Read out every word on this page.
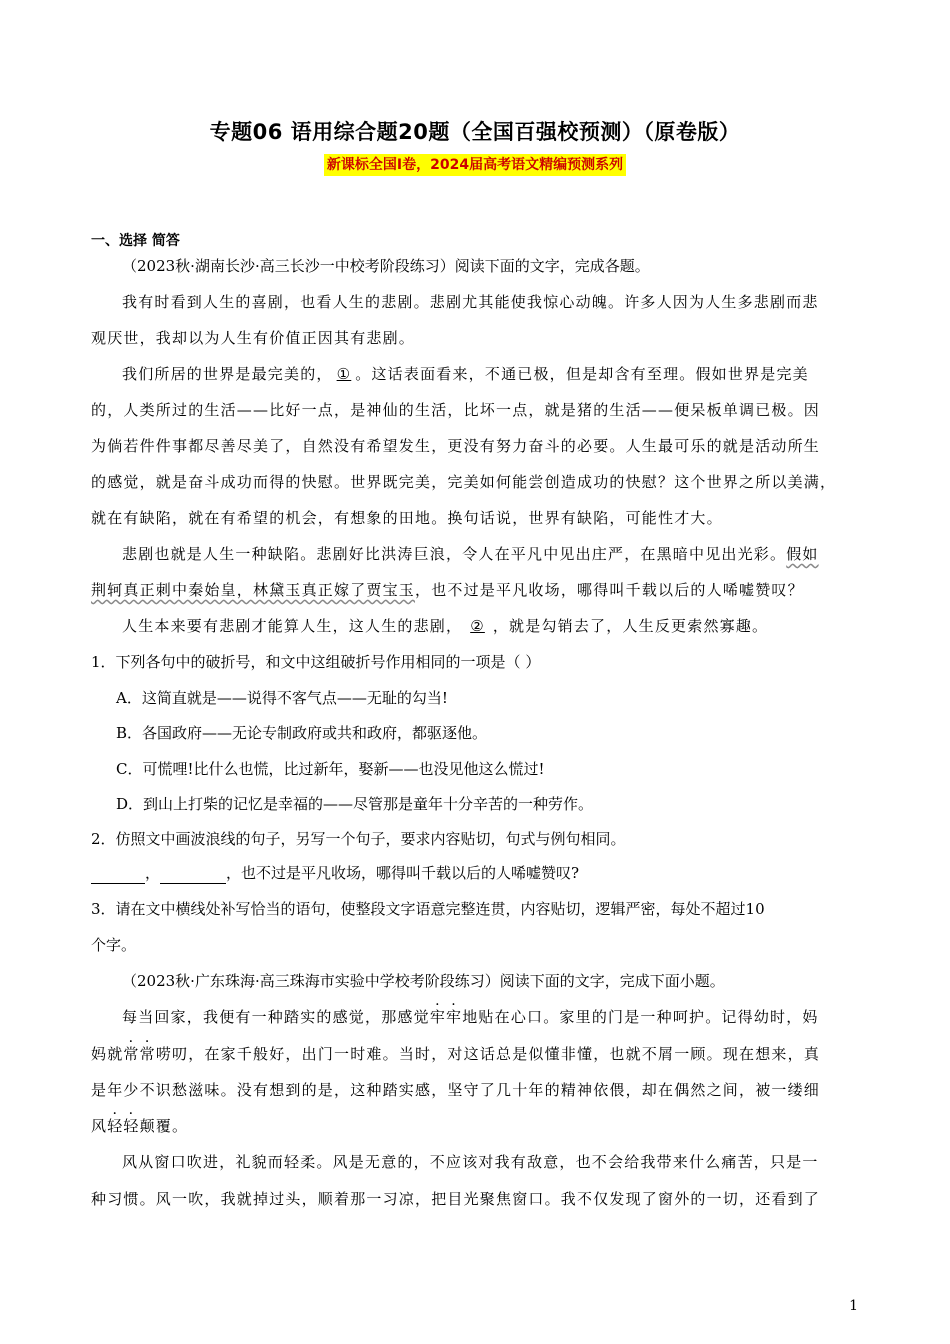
专题06 语用综合题20题（全国百强校预测）（原卷版）
新课标全国Ⅰ卷，2024届高考语文精编预测系列
一、选择 简答
（2023秋·湖南长沙·高三长沙一中校考阶段练习）阅读下面的文字，完成各题。
我有时看到人生的喜剧，也看人生的悲剧。悲剧尤其能使我惊心动魄。许多人因为人生多悲剧而悲
观厌世，我却以为人生有价值正因其有悲剧。
我们所居的世界是最完美的， ① 。这话表面看来，不通已极，但是却含有至理。假如世界是完美
的，人类所过的生活——比好一点，是神仙的生活，比坏一点，就是猪的生活——便呆板单调已极。因
为倘若件件事都尽善尽美了，自然没有希望发生，更没有努力奋斗的必要。人生最可乐的就是活动所生
的感觉，就是奋斗成功而得的快慰。世界既完美，完美如何能尝创造成功的快慰？这个世界之所以美满，
就在有缺陷，就在有希望的机会，有想象的田地。换句话说，世界有缺陷，可能性才大。
悲剧也就是人生一种缺陷。悲剧好比洪涛巨浪，令人在平凡中见出庄严，在黑暗中见出光彩。假如
荆轲真正刺中秦始皇，林黛玉真正嫁了贾宝玉，也不过是平凡收场，哪得叫千载以后的人唏嘘赞叹？
人生本来要有悲剧才能算人生，这人生的悲剧， ② ，就是勾销去了，人生反更索然寡趣。
1．下列各句中的破折号，和文中这组破折号作用相同的一项是（ ）
A．这简直就是——说得不客气点——无耻的勾当!
B．各国政府——无论专制政府或共和政府，都驱逐他。
C．可慌哩!比什么也慌，比过新年，娶新——也没见他这么慌过!
D．到山上打柴的记忆是幸福的——尽管那是童年十分辛苦的一种劳作。
2．仿照文中画波浪线的句子，另写一个句子，要求内容贴切，句式与例句相同。
，	，也不过是平凡收场，哪得叫千载以后的人唏嘘赞叹?
3．请在文中横线处补写恰当的语句，使整段文字语意完整连贯，内容贴切，逻辑严密，每处不超过10
个字。
（2023秋·广东珠海·高三珠海市实验中学校考阶段练习）阅读下面的文字，完成下面小题。
每当回家，我便有一种踏实的感觉，那感觉牢牢地贴在心口。家里的门是一种呵护。记得幼时，妈
妈就常常唠叨，在家千般好，出门一时难。当时，对这话总是似懂非懂，也就不屑一顾。现在想来，真
是年少不识愁滋味。没有想到的是，这种踏实感，坚守了几十年的精神依偎，却在偶然之间，被一缕细
风轻轻颠覆。
风从窗口吹进，礼貌而轻柔。风是无意的，不应该对我有敌意，也不会给我带来什么痛苦，只是一
种习惯。风一吹，我就掉过头，顺着那一习凉，把目光聚焦窗口。我不仅发现了窗外的一切，还看到了
1
